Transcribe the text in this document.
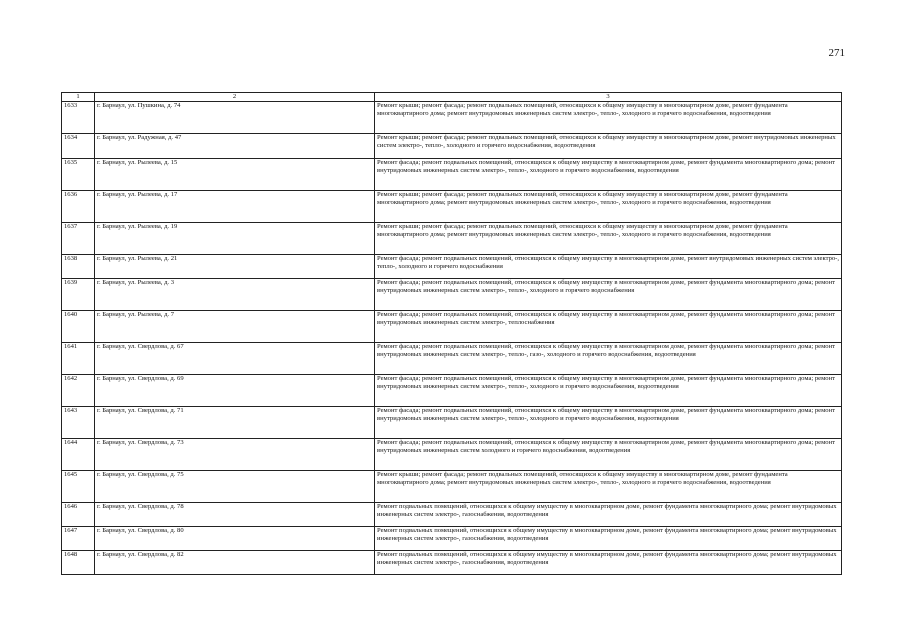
271
1	2	3
1633	г. Барнаул, ул. Пушкина, д. 74	Ремонт крыши; ремонт фасада; ремонт подвальных помещений, относящихся к общему имуществу в многоквартирном доме, ремонт фундамента многоквартирного дома; ремонт внутридомовых инженерных систем электро-, тепло-, холодного и горячего водоснабжения, водоотведения
1634	г. Барнаул, ул. Радужная, д. 47	Ремонт крыши; ремонт фасада; ремонт подвальных помещений, относящихся к общему имуществу в многоквартирном доме, ремонт внутридомовых инженерных систем электро-, тепло-, холодного и горячего водоснабжения, водоотведения
1635	г. Барнаул, ул. Рылеева, д. 15	Ремонт фасада; ремонт подвальных помещений, относящихся к общему имуществу в многоквартирном доме, ремонт фундамента многоквартирного дома; ремонт внутридомовых инженерных систем электро-, тепло-, холодного и горячего водоснабжения, водоотведения
1636	г. Барнаул, ул. Рылеева, д. 17	Ремонт крыши; ремонт фасада; ремонт подвальных помещений, относящихся к общему имуществу в многоквартирном доме, ремонт фундамента многоквартирного дома; ремонт внутридомовых инженерных систем электро-, тепло-, холодного и горячего водоснабжения, водоотведения
1637	г. Барнаул, ул. Рылеева, д. 19	Ремонт крыши; ремонт фасада; ремонт подвальных помещений, относящихся к общему имуществу в многоквартирном доме, ремонт фундамента многоквартирного дома; ремонт внутридомовых инженерных систем электро-, тепло-, холодного и горячего водоснабжения, водоотведения
1638	г. Барнаул, ул. Рылеева, д. 21	Ремонт фасада; ремонт подвальных помещений, относящихся к общему имуществу в многоквартирном доме, ремонт внутридомовых инженерных систем электро-, тепло-, холодного и горячего водоснабжения
1639	г. Барнаул, ул. Рылеева, д. 3	Ремонт фасада; ремонт подвальных помещений, относящихся к общему имуществу в многоквартирном доме, ремонт фундамента многоквартирного дома; ремонт внутридомовых инженерных систем электро-, тепло-, холодного и горячего водоснабжения
1640	г. Барнаул, ул. Рылеева, д. 7	Ремонт фасада; ремонт подвальных помещений, относящихся к общему имуществу в многоквартирном доме, ремонт фундамента многоквартирного дома; ремонт внутридомовых инженерных систем электро-, теплоснабжения
1641	г. Барнаул, ул. Свердлова, д. 67	Ремонт фасада; ремонт подвальных помещений, относящихся к общему имуществу в многоквартирном доме, ремонт фундамента многоквартирного дома; ремонт внутридомовых инженерных систем электро-, тепло-, газо-, холодного и горячего водоснабжения, водоотведения
1642	г. Барнаул, ул. Свердлова, д. 69	Ремонт фасада; ремонт подвальных помещений, относящихся к общему имуществу в многоквартирном доме, ремонт фундамента многоквартирного дома; ремонт внутридомовых инженерных систем электро-, тепло-, холодного и горячего водоснабжения, водоотведения
1643	г. Барнаул, ул. Свердлова, д. 71	Ремонт фасада; ремонт подвальных помещений, относящихся к общему имуществу в многоквартирном доме, ремонт фундамента многоквартирного дома; ремонт внутридомовых инженерных систем электро-, тепло-, холодного и горячего водоснабжения, водоотведения
1644	г. Барнаул, ул. Свердлова, д. 73	Ремонт фасада; ремонт подвальных помещений, относящихся к общему имуществу в многоквартирном доме, ремонт фундамента многоквартирного дома; ремонт внутридомовых инженерных систем холодного и горячего водоснабжения, водоотведения
1645	г. Барнаул, ул. Свердлова, д. 75	Ремонт крыши; ремонт фасада; ремонт подвальных помещений, относящихся к общему имуществу в многоквартирном доме, ремонт фундамента многоквартирного дома; ремонт внутридомовых инженерных систем электро-, тепло-, холодного и горячего водоснабжения, водоотведения
1646	г. Барнаул, ул. Свердлова, д. 78	Ремонт подвальных помещений, относящихся к общему имуществу в многоквартирном доме, ремонт фундамента многоквартирного дома; ремонт внутридомовых инженерных систем электро-, газоснабжения, водоотведения
1647	г. Барнаул, ул. Свердлова, д. 80	Ремонт подвальных помещений, относящихся к общему имуществу в многоквартирном доме, ремонт фундамента многоквартирного дома; ремонт внутридомовых инженерных систем электро-, газоснабжения, водоотведения
1648	г. Барнаул, ул. Свердлова, д. 82	Ремонт подвальных помещений, относящихся к общему имуществу в многоквартирном доме, ремонт фундамента многоквартирного дома; ремонт внутридомовых инженерных систем электро-, газоснабжения, водоотведения
